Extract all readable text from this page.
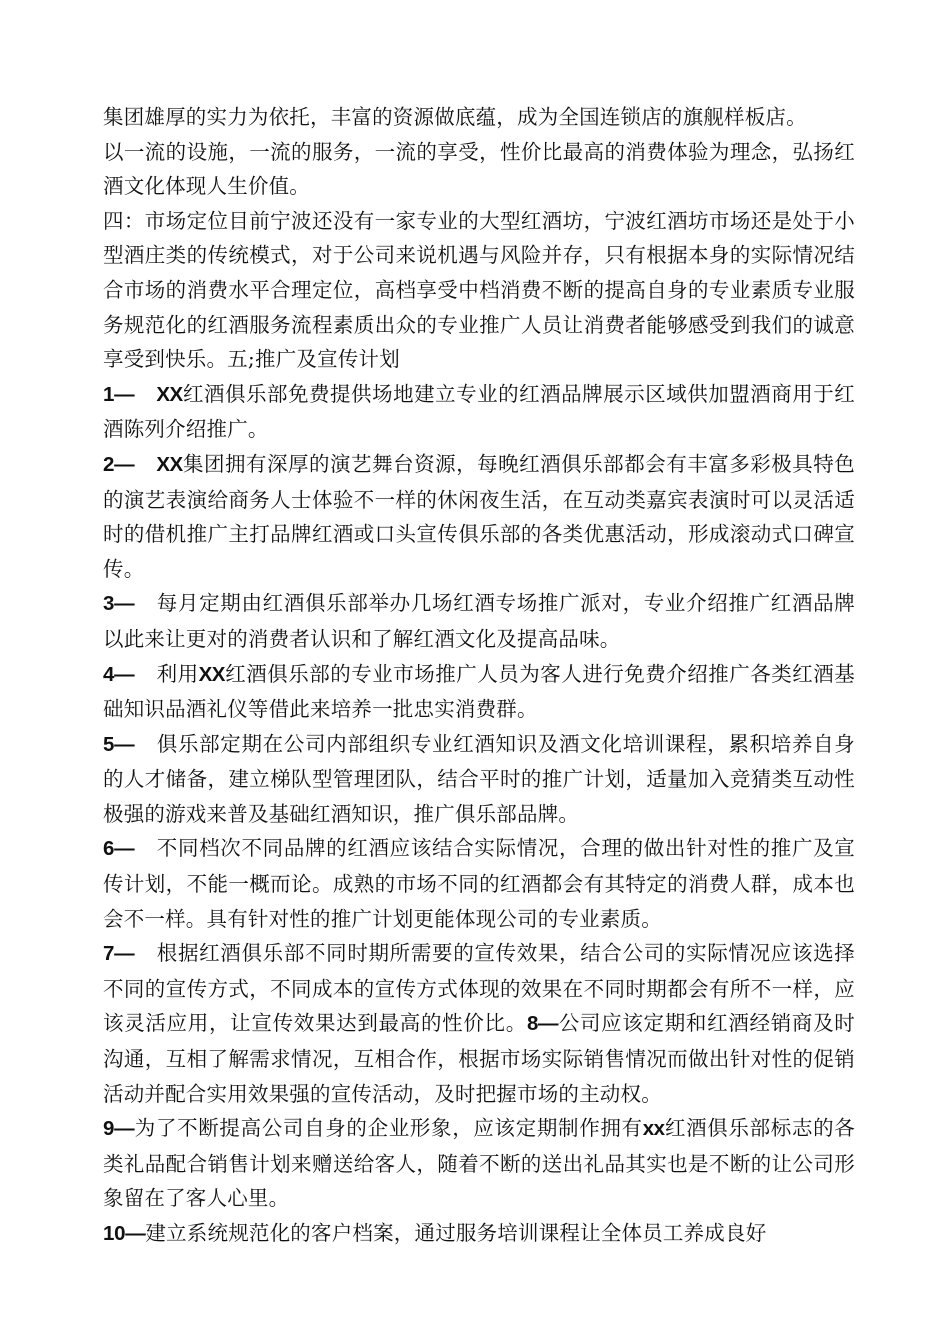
集团雄厚的实力为依托，丰富的资源做底蕴，成为全国连锁店的旗舰样板店。

以一流的设施，一流的服务，一流的享受，性价比最高的消费体验为理念，弘扬红酒文化体现人生价值。

四：市场定位目前宁波还没有一家专业的大型红酒坊，宁波红酒坊市场还是处于小型酒庄类的传统模式，对于公司来说机遇与风险并存，只有根据本身的实际情况结合市场的消费水平合理定位，高档享受中档消费不断的提高自身的专业素质专业服务规范化的红酒服务流程素质出众的专业推广人员让消费者能够感受到我们的诚意享受到快乐。五;推广及宣传计划

1— XX红酒俱乐部免费提供场地建立专业的红酒品牌展示区域供加盟酒商用于红酒陈列介绍推广。

2— XX集团拥有深厚的演艺舞台资源，每晚红酒俱乐部都会有丰富多彩极具特色的演艺表演给商务人士体验不一样的休闲夜生活，在互动类嘉宾表演时可以灵活适时的借机推广主打品牌红酒或口头宣传俱乐部的各类优惠活动，形成滚动式口碑宣传。

3— 每月定期由红酒俱乐部举办几场红酒专场推广派对，专业介绍推广红酒品牌以此来让更对的消费者认识和了解红酒文化及提高品味。

4— 利用XX红酒俱乐部的专业市场推广人员为客人进行免费介绍推广各类红酒基础知识品酒礼仪等借此来培养一批忠实消费群。

5— 俱乐部定期在公司内部组织专业红酒知识及酒文化培训课程，累积培养自身的人才储备，建立梯队型管理团队，结合平时的推广计划，适量加入竞猜类互动性极强的游戏来普及基础红酒知识，推广俱乐部品牌。

6— 不同档次不同品牌的红酒应该结合实际情况，合理的做出针对性的推广及宣传计划，不能一概而论。成熟的市场不同的红酒都会有其特定的消费人群，成本也会不一样。具有针对性的推广计划更能体现公司的专业素质。

7— 根据红酒俱乐部不同时期所需要的宣传效果，结合公司的实际情况应该选择不同的宣传方式，不同成本的宣传方式体现的效果在不同时期都会有所不一样，应该灵活应用，让宣传效果达到最高的性价比。8—公司应该定期和红酒经销商及时沟通，互相了解需求情况，互相合作，根据市场实际销售情况而做出针对性的促销活动并配合实用效果强的宣传活动，及时把握市场的主动权。

9—为了不断提高公司自身的企业形象，应该定期制作拥有xx红酒俱乐部标志的各类礼品配合销售计划来赠送给客人，随着不断的送出礼品其实也是不断的让公司形象留在了客人心里。

10—建立系统规范化的客户档案，通过服务培训课程让全体员工养成良好
